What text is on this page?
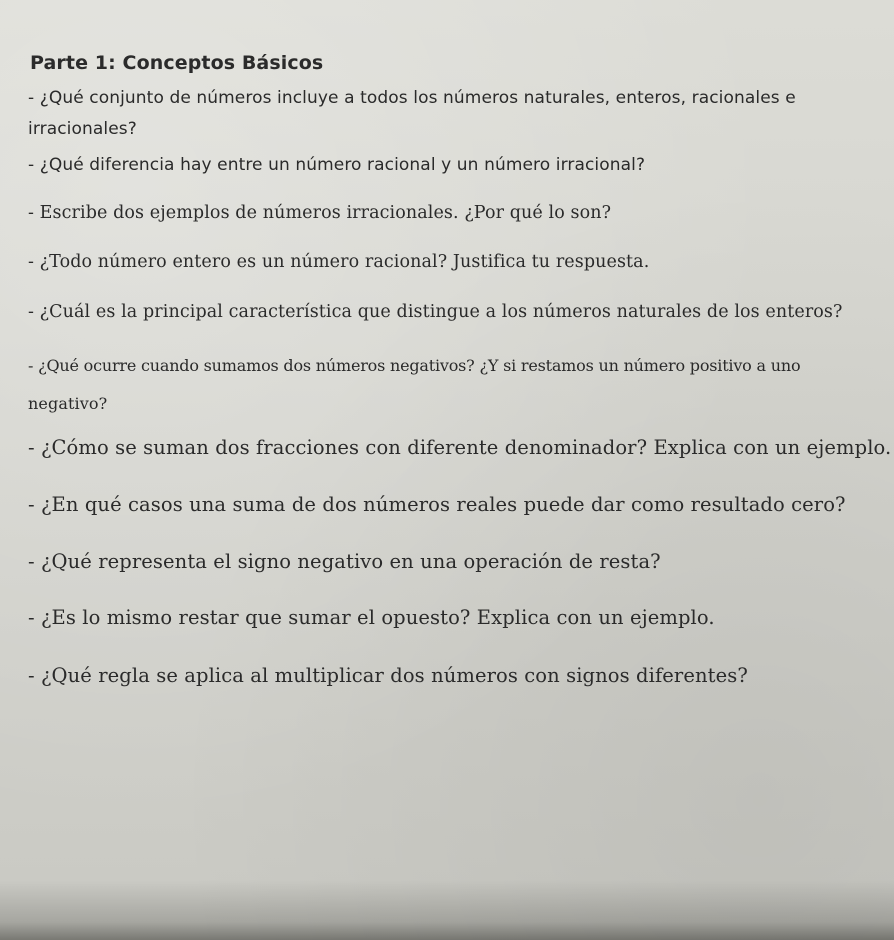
Parte 1: Conceptos Básicos
- ¿Qué conjunto de números incluye a todos los números naturales, enteros, racionales e
irracionales?
- ¿Qué diferencia hay entre un número racional y un número irracional?
- Escribe dos ejemplos de números irracionales. ¿Por qué lo son?
- ¿Todo número entero es un número racional? Justifica tu respuesta.
- ¿Cuál es la principal característica que distingue a los números naturales de los enteros?
- ¿Qué ocurre cuando sumamos dos números negativos? ¿Y si restamos un número positivo a uno
negativo?
- ¿Cómo se suman dos fracciones con diferente denominador? Explica con un ejemplo.
- ¿En qué casos una suma de dos números reales puede dar como resultado cero?
- ¿Qué representa el signo negativo en una operación de resta?
- ¿Es lo mismo restar que sumar el opuesto? Explica con un ejemplo.
- ¿Qué regla se aplica al multiplicar dos números con signos diferentes?
